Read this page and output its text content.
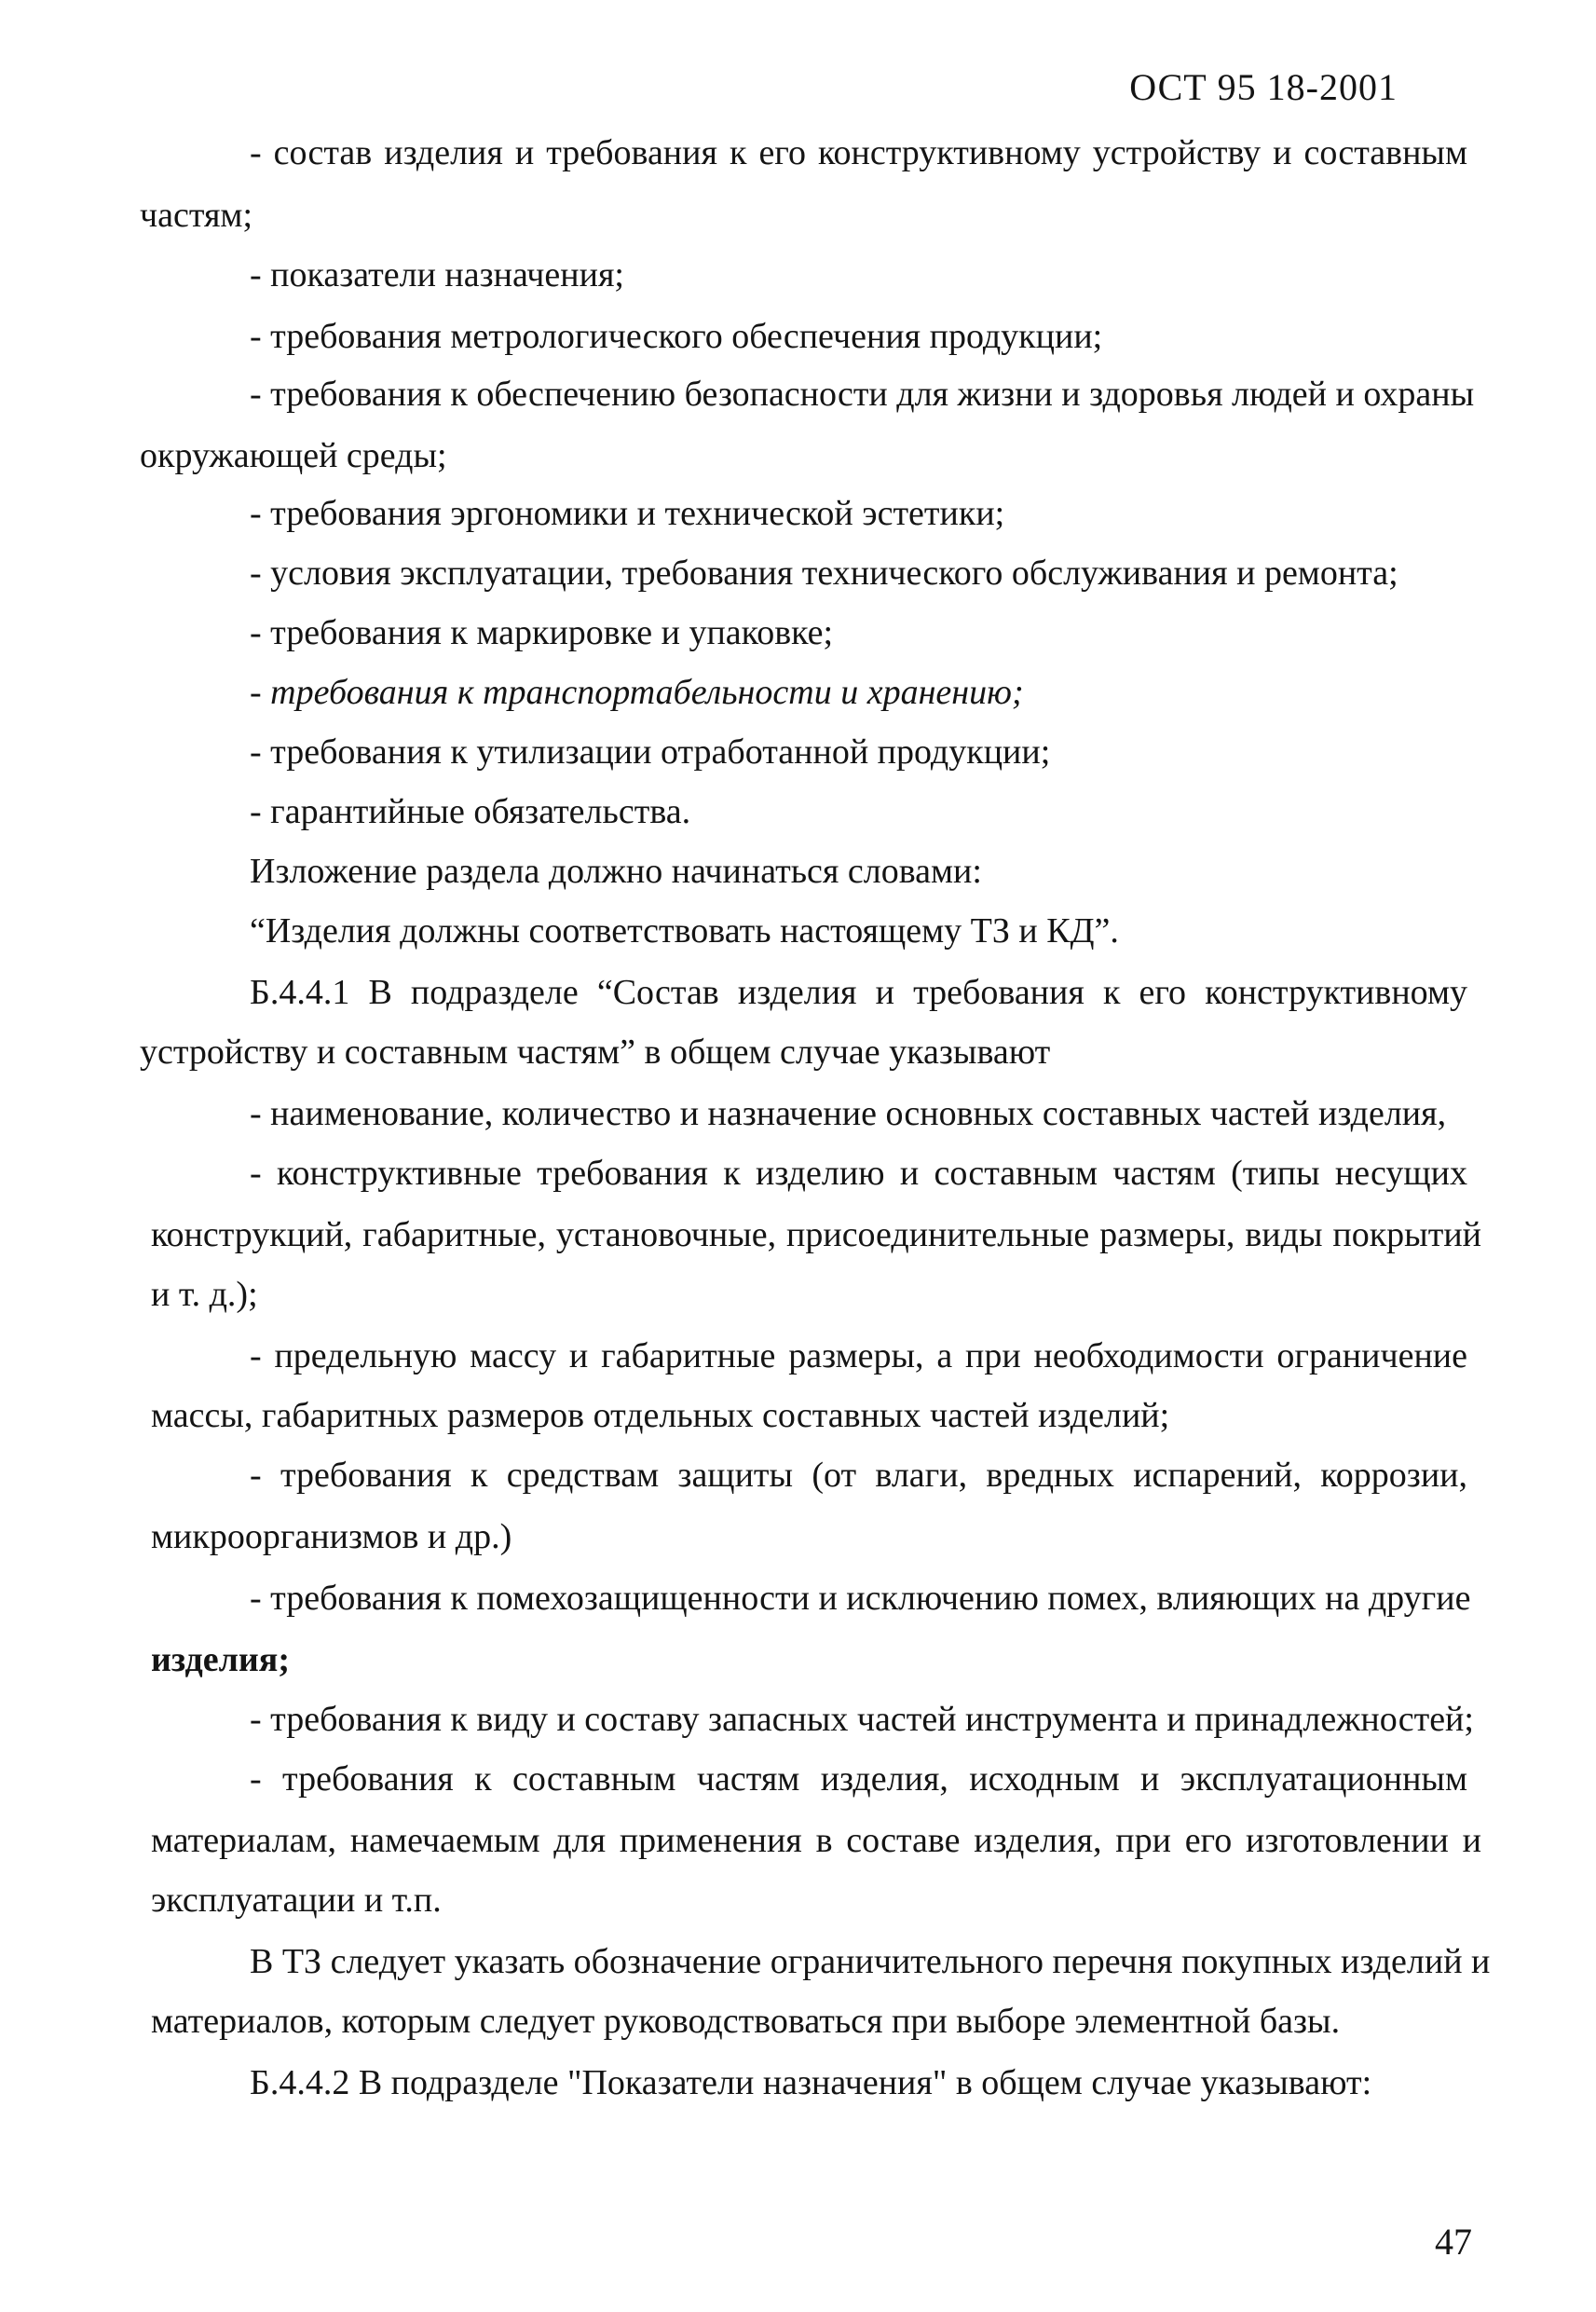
ОСТ 95 18-2001
- состав изделия и требования к его конструктивному устройству и составным
частям;
- показатели назначения;
- требования метрологического обеспечения продукции;
- требования к обеспечению безопасности для жизни и здоровья людей и охраны
окружающей среды;
- требования эргономики и технической эстетики;
- условия эксплуатации, требования технического обслуживания и ремонта;
- требования к маркировке и упаковке;
- требования к транспортабельности и хранению;
- требования к утилизации отработанной продукции;
- гарантийные обязательства.
Изложение раздела должно начинаться словами:
“Изделия должны соответствовать настоящему ТЗ и КД”.
Б.4.4.1 В подразделе “Состав изделия и требования к его конструктивному
устройству и составным частям” в общем случае указывают
- наименование, количество и назначение основных составных частей изделия,
- конструктивные требования к изделию и составным частям (типы несущих
конструкций, габаритные, установочные, присоединительные размеры, виды покрытий
и т. д.);
- предельную массу и габаритные размеры, а при необходимости ограничение
массы, габаритных размеров отдельных составных частей изделий;
- требования к средствам защиты (от влаги, вредных испарений, коррозии,
микроорганизмов и др.)
- требования к помехозащищенности и исключению помех, влияющих на другие
изделия;
- требования к виду и составу запасных частей инструмента и принадлежностей;
- требования к составным частям изделия, исходным и эксплуатационным
материалам, намечаемым для применения в составе изделия, при его изготовлении и
эксплуатации и т.п.
В ТЗ следует указать обозначение ограничительного перечня покупных изделий и
материалов, которым следует руководствоваться при выборе элементной базы.
Б.4.4.2 В подразделе "Показатели назначения" в общем случае указывают:
47
